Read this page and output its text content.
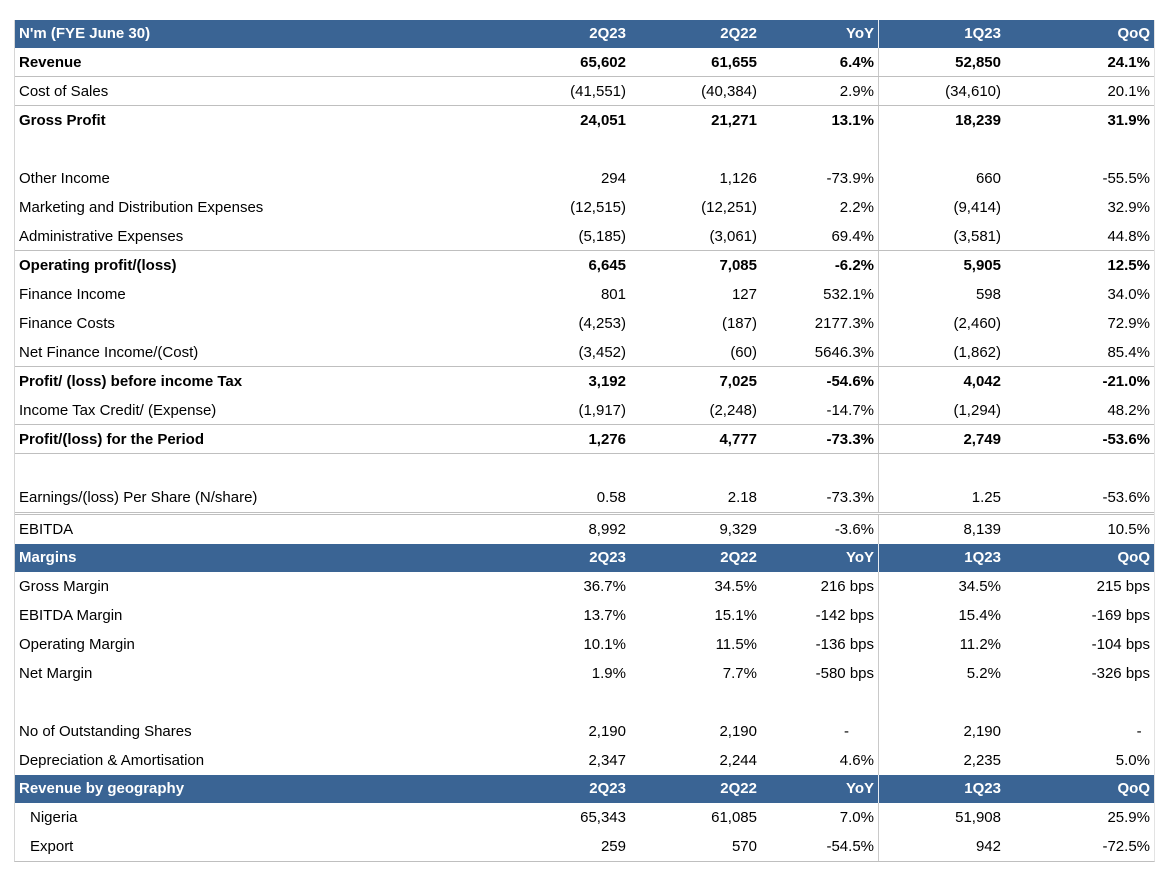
N'm (FYE June 30)	2Q23	2Q22	YoY	1Q23	QoQ
Revenue	65,602	61,655	6.4%	52,850	24.1%
Cost of Sales	(41,551)	(40,384)	2.9%	(34,610)	20.1%
Gross Profit	24,051	21,271	13.1%	18,239	31.9%
Other Income	294	1,126	-73.9%	660	-55.5%
Marketing and Distribution Expenses	(12,515)	(12,251)	2.2%	(9,414)	32.9%
Administrative Expenses	(5,185)	(3,061)	69.4%	(3,581)	44.8%
Operating profit/(loss)	6,645	7,085	-6.2%	5,905	12.5%
Finance Income	801	127	532.1%	598	34.0%
Finance Costs	(4,253)	(187)	2177.3%	(2,460)	72.9%
Net Finance Income/(Cost)	(3,452)	(60)	5646.3%	(1,862)	85.4%
Profit/ (loss) before income Tax	3,192	7,025	-54.6%	4,042	-21.0%
Income Tax Credit/ (Expense)	(1,917)	(2,248)	-14.7%	(1,294)	48.2%
Profit/(loss) for the Period	1,276	4,777	-73.3%	2,749	-53.6%
Earnings/(loss) Per Share (N/share)	0.58	2.18	-73.3%	1.25	-53.6%
EBITDA	8,992	9,329	-3.6%	8,139	10.5%
Margins	2Q23	2Q22	YoY	1Q23	QoQ
Gross Margin	36.7%	34.5%	216 bps	34.5%	215 bps
EBITDA Margin	13.7%	15.1%	-142 bps	15.4%	-169 bps
Operating Margin	10.1%	11.5%	-136 bps	11.2%	-104 bps
Net Margin	1.9%	7.7%	-580 bps	5.2%	-326 bps
No of Outstanding Shares	2,190	2,190	-	2,190	-
Depreciation & Amortisation	2,347	2,244	4.6%	2,235	5.0%
Revenue by geography	2Q23	2Q22	YoY	1Q23	QoQ
Nigeria	65,343	61,085	7.0%	51,908	25.9%
Export	259	570	-54.5%	942	-72.5%
